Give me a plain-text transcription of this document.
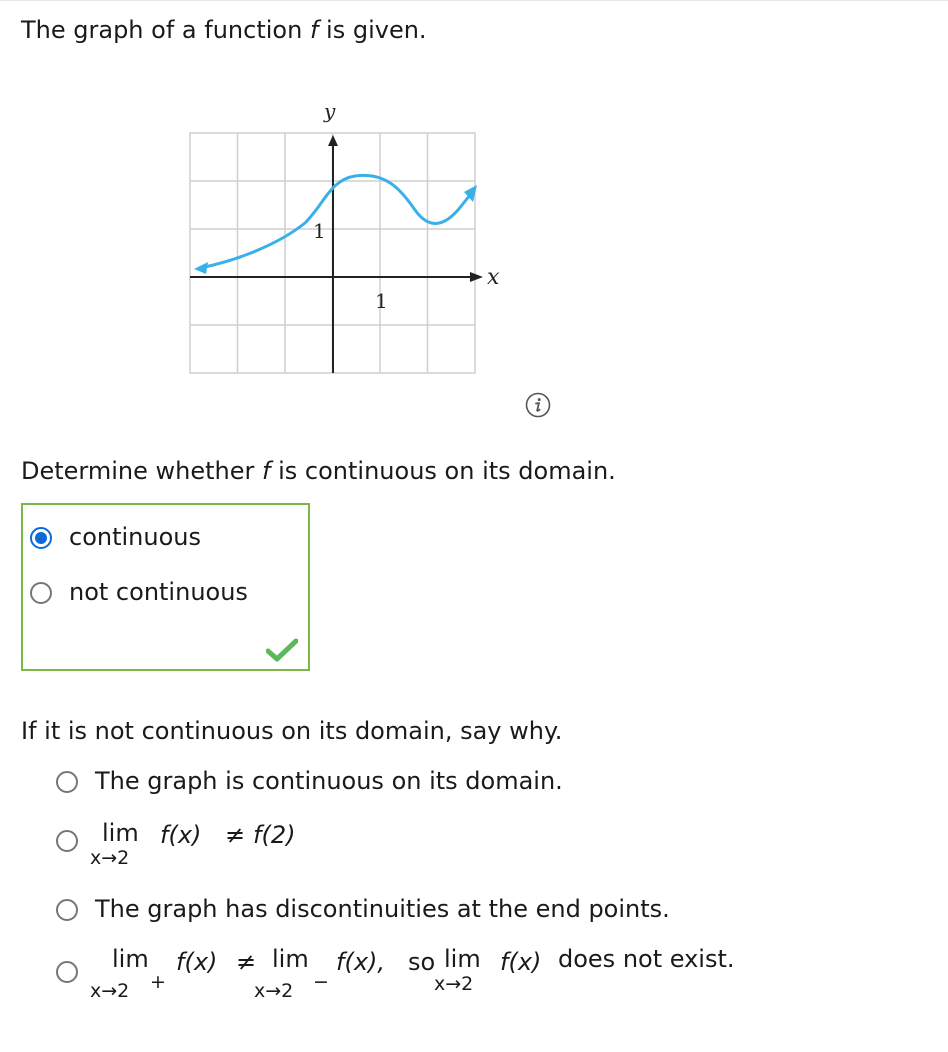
The graph of a function f is given.
y
x
1
1
Determine whether f is continuous on its domain.
continuous
not continuous
If it is not continuous on its domain, say why.
The graph is continuous on its domain.
lim
x→2
f(x) ≠ f(2)
The graph has discontinuities at the end points.
lim
x→2 +
f(x) ≠ lim
x→2 −
f(x), so lim
x→2
f(x) does not exist.
